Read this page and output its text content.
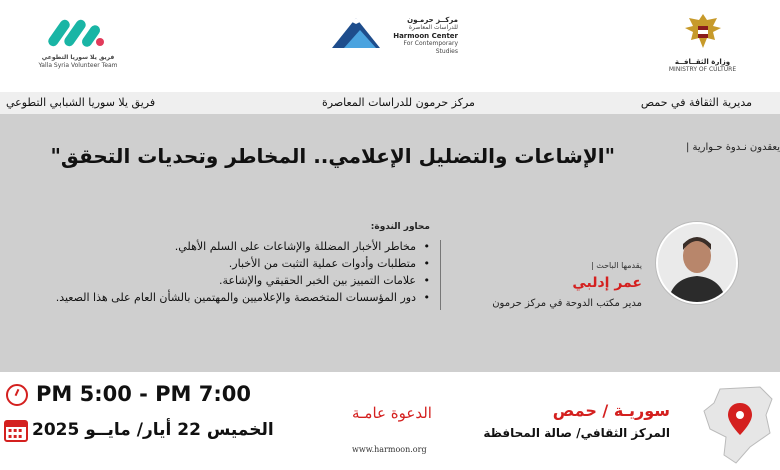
وزارة الثقــافــة
MINISTRY OF CULTURE
مركــز حرمـون
للدراسات المعاصرة
Harmoon Center
For Contemporary Studies
فريق يلا سوريا التطوعي
Yalla Syria Volunteer Team
مديرية الثقافة في حمص
مركز حرمون للدراسات المعاصرة
فريق يلا سوريا الشبابي التطوعي
يعقدون نـدوة حـوارية |
"الإشاعات والتضليل الإعلامي.. المخاطر وتحديات التحقق"
محاور الندوة:
• مخاطر الأخبار المضللة والإشاعات على السلم الأهلي.
• متطلبات وأدوات عملية التثبت من الأخبار.
• علامات التمييز بين الخبر الحقيقي والإشاعة.
• دور المؤسسات المتخصصة والإعلاميين والمهتمين بالشأن العام على هذا الصعيد.
يقدمها الباحث |
عمر إدلبي
مدير مكتب الدوحة في مركز حرمون
PM 5:00 - PM 7:00
▪▪▪ ▪▪▪
الخميس 22 أيار/ مايــو 2025
الدعوة عامـة
www.harmoon.org
سوريـة / حمص
المركز الثقافي/ صالة المحافظة
